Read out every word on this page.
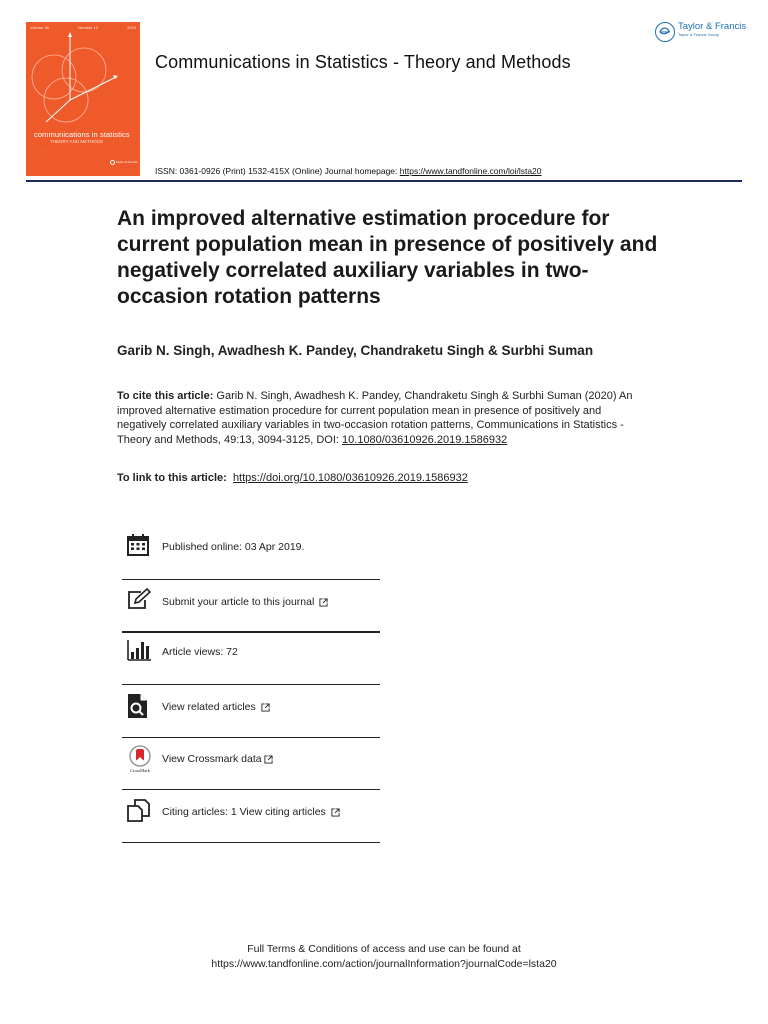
Volume 48	Number 13	2019
communications in statistics
THEORY AND METHODS
· · · · · · · · · ·
· · · · · ·
Taylor & Francis
Communications in Statistics - Theory and Methods
Taylor & Francis
Taylor & Francis Group
ISSN: 0361-0926 (Print) 1532-415X (Online) Journal homepage: https://www.tandfonline.com/loi/lsta20
An improved alternative estimation procedure for current population mean in presence of positively and negatively correlated auxiliary variables in two-occasion rotation patterns
Garib N. Singh, Awadhesh K. Pandey, Chandraketu Singh & Surbhi Suman
To cite this article: Garib N. Singh, Awadhesh K. Pandey, Chandraketu Singh & Surbhi Suman (2020) An improved alternative estimation procedure for current population mean in presence of positively and negatively correlated auxiliary variables in two-occasion rotation patterns, Communications in Statistics - Theory and Methods, 49:13, 3094-3125, DOI: 10.1080/03610926.2019.1586932
To link to this article: https://doi.org/10.1080/03610926.2019.1586932
Published online: 03 Apr 2019.
Submit your article to this journal
Article views: 72
View related articles
CrossMark
View Crossmark data
Citing articles: 1 View citing articles
Full Terms & Conditions of access and use can be found at
https://www.tandfonline.com/action/journalInformation?journalCode=lsta20
